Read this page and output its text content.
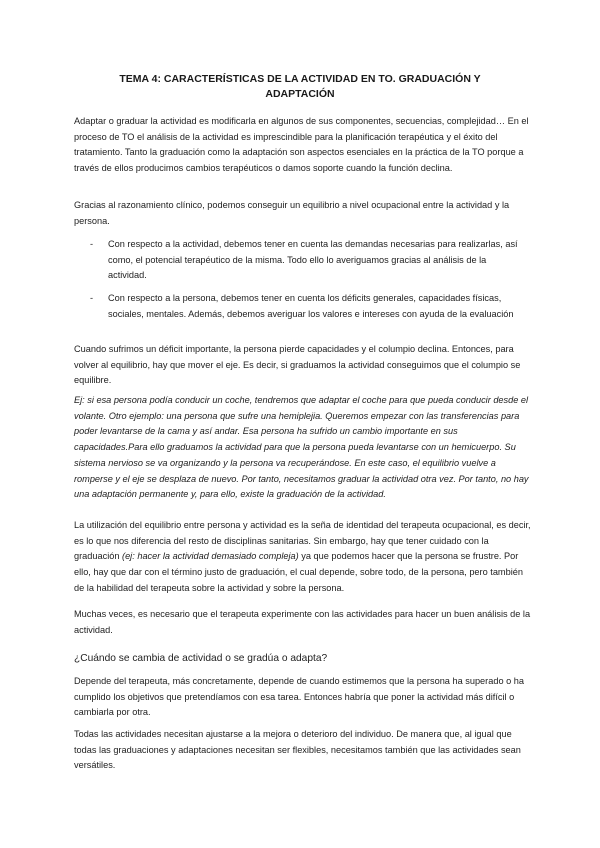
TEMA 4: CARACTERÍSTICAS DE LA ACTIVIDAD EN TO. GRADUACIÓN Y ADAPTACIÓN

Adaptar o graduar la actividad es modificarla en algunos de sus componentes, secuencias, complejidad… En el proceso de TO el análisis de la actividad es imprescindible para la planificación terapéutica y el éxito del tratamiento. Tanto la graduación como la adaptación son aspectos esenciales en la práctica de la TO porque a través de ellos producimos cambios terapéuticos o damos soporte cuando la función declina.

Gracias al razonamiento clínico, podemos conseguir un equilibrio a nivel ocupacional entre la actividad y la persona.

-	Con respecto a la actividad, debemos tener en cuenta las demandas necesarias para realizarlas, así como, el potencial terapéutico de la misma. Todo ello lo averiguamos gracias al análisis de la actividad.

-	Con respecto a la persona, debemos tener en cuenta los déficits generales, capacidades físicas, sociales, mentales. Además, debemos averiguar los valores e intereses con ayuda de la evaluación

Cuando sufrimos un déficit importante, la persona pierde capacidades y el columpio declina. Entonces, para volver al equilibrio, hay que mover el eje. Es decir, si graduamos la actividad conseguimos que el columpio se equilibre.

Ej: si esa persona podía conducir un coche, tendremos que adaptar el coche para que pueda conducir desde el volante. Otro ejemplo: una persona que sufre una hemiplejia. Queremos empezar con las transferencias para poder levantarse de la cama y así andar. Esa persona ha sufrido un cambio importante en sus capacidades.Para ello graduamos la actividad para que la persona pueda levantarse con un hemicuerpo. Su sistema nervioso se va organizando y la persona va recuperándose. En este caso, el equilibrio vuelve a romperse y el eje se desplaza de nuevo. Por tanto, necesitamos graduar la actividad otra vez. Por tanto, no hay una adaptación permanente y, para ello, existe la graduación de la actividad.

La utilización del equilibrio entre persona y actividad es la seña de identidad del terapeuta ocupacional, es decir, es lo que nos diferencia del resto de disciplinas sanitarias. Sin embargo, hay que tener cuidado con la graduación (ej: hacer la actividad demasiado compleja) ya que podemos hacer que la persona se frustre. Por ello, hay que dar con el término justo de graduación, el cual depende, sobre todo, de la persona, pero también de la habilidad del terapeuta sobre la actividad y sobre la persona.

Muchas veces, es necesario que el terapeuta experimente con las actividades para hacer un buen análisis de la actividad.

¿Cuándo se cambia de actividad o se gradúa o adapta?

Depende del terapeuta, más concretamente, depende de cuando estimemos que la persona ha superado o ha cumplido los objetivos que pretendíamos con esa tarea. Entonces habría que poner la actividad más difícil o cambiarla por otra.

Todas las actividades necesitan ajustarse a la mejora o deterioro del individuo. De manera que, al igual que todas las graduaciones y adaptaciones necesitan ser flexibles, necesitamos también que las actividades sean versátiles.
